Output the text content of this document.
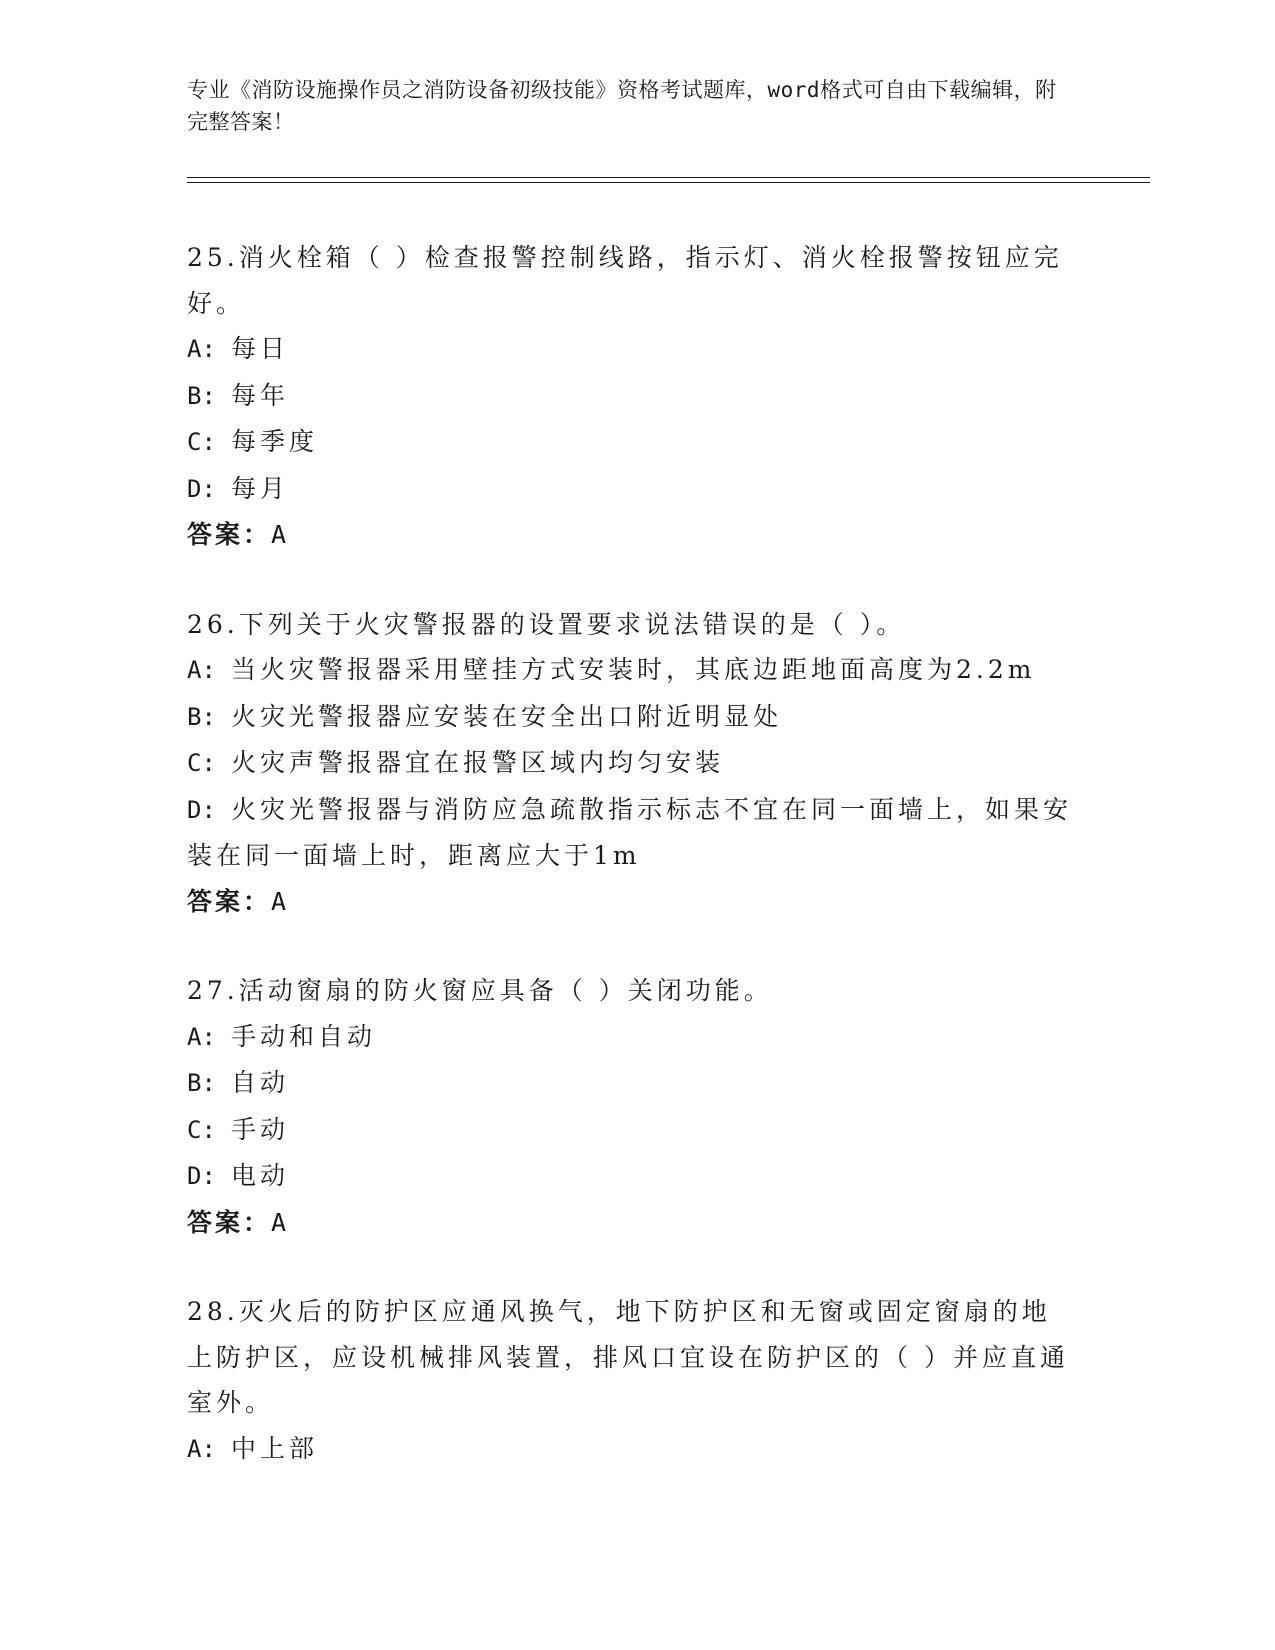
专业《消防设施操作员之消防设备初级技能》资格考试题库，word格式可自由下载编辑，附完整答案！
25.消火栓箱（ ）检查报警控制线路，指示灯、消火栓报警按钮应完好。
A: 每日
B: 每年
C: 每季度
D: 每月
答案：A
26.下列关于火灾警报器的设置要求说法错误的是（ ）。
A: 当火灾警报器采用壁挂方式安装时，其底边距地面高度为2.2m
B: 火灾光警报器应安装在安全出口附近明显处
C: 火灾声警报器宜在报警区域内均匀安装
D: 火灾光警报器与消防应急疏散指示标志不宜在同一面墙上，如果安装在同一面墙上时，距离应大于1m
答案：A
27.活动窗扇的防火窗应具备（ ）关闭功能。
A: 手动和自动
B: 自动
C: 手动
D: 电动
答案：A
28.灭火后的防护区应通风换气，地下防护区和无窗或固定窗扇的地上防护区，应设机械排风装置，排风口宜设在防护区的（ ）并应直通室外。
A: 中上部
